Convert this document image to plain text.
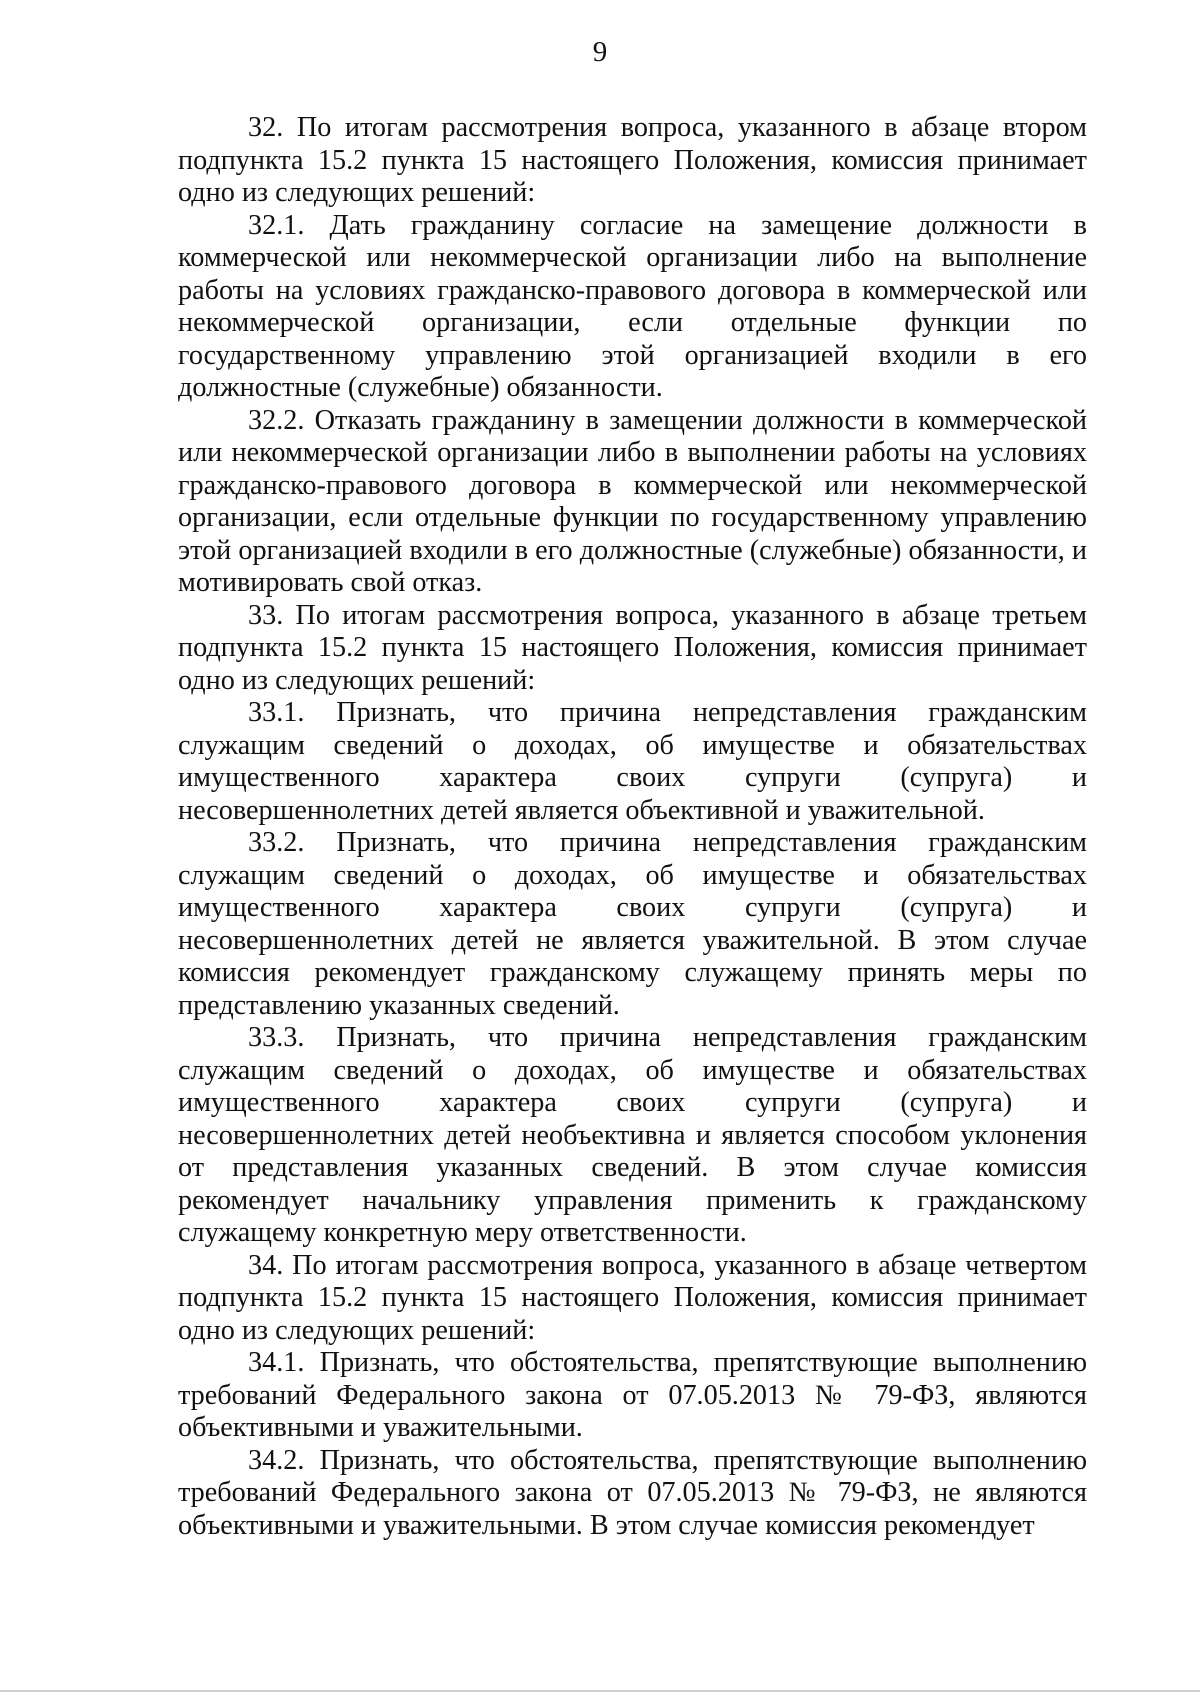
9

32. По итогам рассмотрения вопроса, указанного в абзаце втором подпункта 15.2 пункта 15 настоящего Положения, комиссия принимает одно из следующих решений:

32.1. Дать гражданину согласие на замещение должности в коммерческой или некоммерческой организации либо на выполнение работы на условиях гражданско-правового договора в коммерческой или некоммерческой организации, если отдельные функции по государственному управлению этой организацией входили в его должностные (служебные) обязанности.

32.2. Отказать гражданину в замещении должности в коммерческой или некоммерческой организации либо в выполнении работы на условиях гражданско-правового договора в коммерческой или некоммерческой организации, если отдельные функции по государственному управлению этой организацией входили в его должностные (служебные) обязанности, и мотивировать свой отказ.

33. По итогам рассмотрения вопроса, указанного в абзаце третьем подпункта 15.2 пункта 15 настоящего Положения, комиссия принимает одно из следующих решений:

33.1. Признать, что причина непредставления гражданским служащим сведений о доходах, об имуществе и обязательствах имущественного характера своих супруги (супруга) и несовершеннолетних детей является объективной и уважительной.

33.2. Признать, что причина непредставления гражданским служащим сведений о доходах, об имуществе и обязательствах имущественного характера своих супруги (супруга) и несовершеннолетних детей не является уважительной. В этом случае комиссия рекомендует гражданскому служащему принять меры по представлению указанных сведений.

33.3. Признать, что причина непредставления гражданским служащим сведений о доходах, об имуществе и обязательствах имущественного характера своих супруги (супруга) и несовершеннолетних детей необъективна и является способом уклонения от представления указанных сведений. В этом случае комиссия рекомендует начальнику управления применить к гражданскому служащему конкретную меру ответственности.

34. По итогам рассмотрения вопроса, указанного в абзаце четвертом подпункта 15.2 пункта 15 настоящего Положения, комиссия принимает одно из следующих решений:

34.1. Признать, что обстоятельства, препятствующие выполнению требований Федерального закона от 07.05.2013 № 79-ФЗ, являются объективными и уважительными.

34.2. Признать, что обстоятельства, препятствующие выполнению требований Федерального закона от 07.05.2013 № 79-ФЗ, не являются объективными и уважительными. В этом случае комиссия рекомендует
